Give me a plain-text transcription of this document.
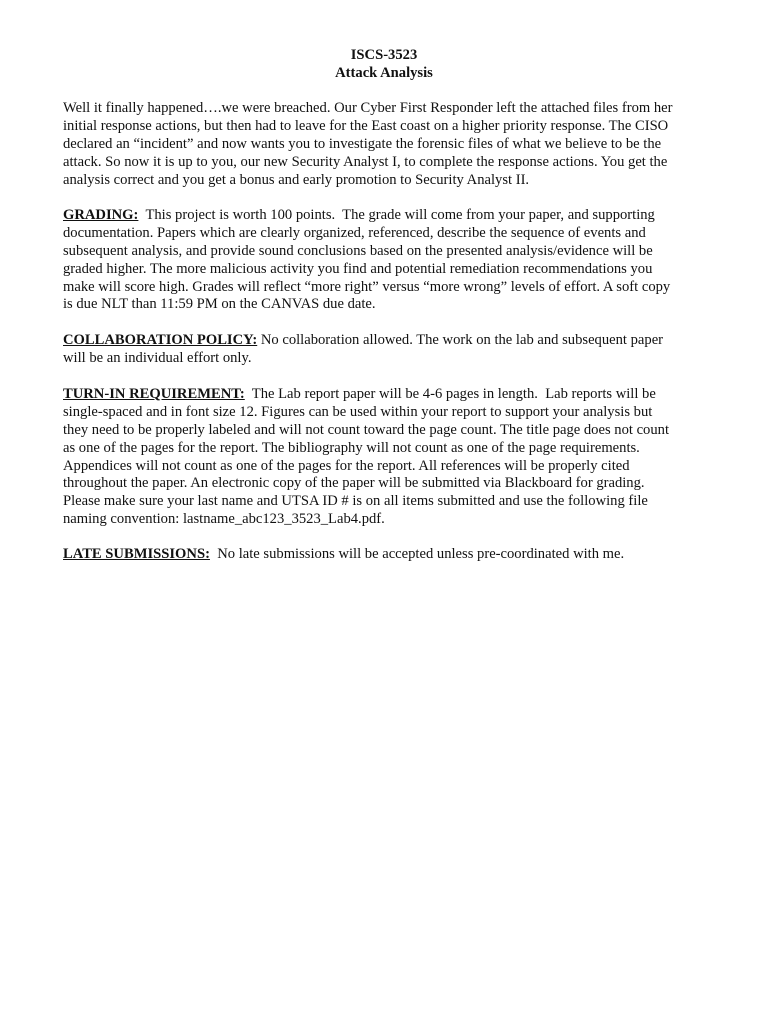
ISCS-3523
Attack Analysis
Well it finally happened….we were breached. Our Cyber First Responder left the attached files from her
initial response actions, but then had to leave for the East coast on a higher priority response. The CISO
declared an “incident” and now wants you to investigate the forensic files of what we believe to be the
attack. So now it is up to you, our new Security Analyst I, to complete the response actions. You get the
analysis correct and you get a bonus and early promotion to Security Analyst II.
GRADING:  This project is worth 100 points.  The grade will come from your paper, and supporting
documentation. Papers which are clearly organized, referenced, describe the sequence of events and
subsequent analysis, and provide sound conclusions based on the presented analysis/evidence will be
graded higher. The more malicious activity you find and potential remediation recommendations you
make will score high. Grades will reflect “more right” versus “more wrong” levels of effort. A soft copy
is due NLT than 11:59 PM on the CANVAS due date.
COLLABORATION POLICY: No collaboration allowed. The work on the lab and subsequent paper
will be an individual effort only.
TURN-IN REQUIREMENT:  The Lab report paper will be 4-6 pages in length.  Lab reports will be
single-spaced and in font size 12. Figures can be used within your report to support your analysis but
they need to be properly labeled and will not count toward the page count. The title page does not count
as one of the pages for the report. The bibliography will not count as one of the page requirements.
Appendices will not count as one of the pages for the report. All references will be properly cited
throughout the paper. An electronic copy of the paper will be submitted via Blackboard for grading.
Please make sure your last name and UTSA ID # is on all items submitted and use the following file
naming convention: lastname_abc123_3523_Lab4.pdf.
LATE SUBMISSIONS:  No late submissions will be accepted unless pre-coordinated with me.
